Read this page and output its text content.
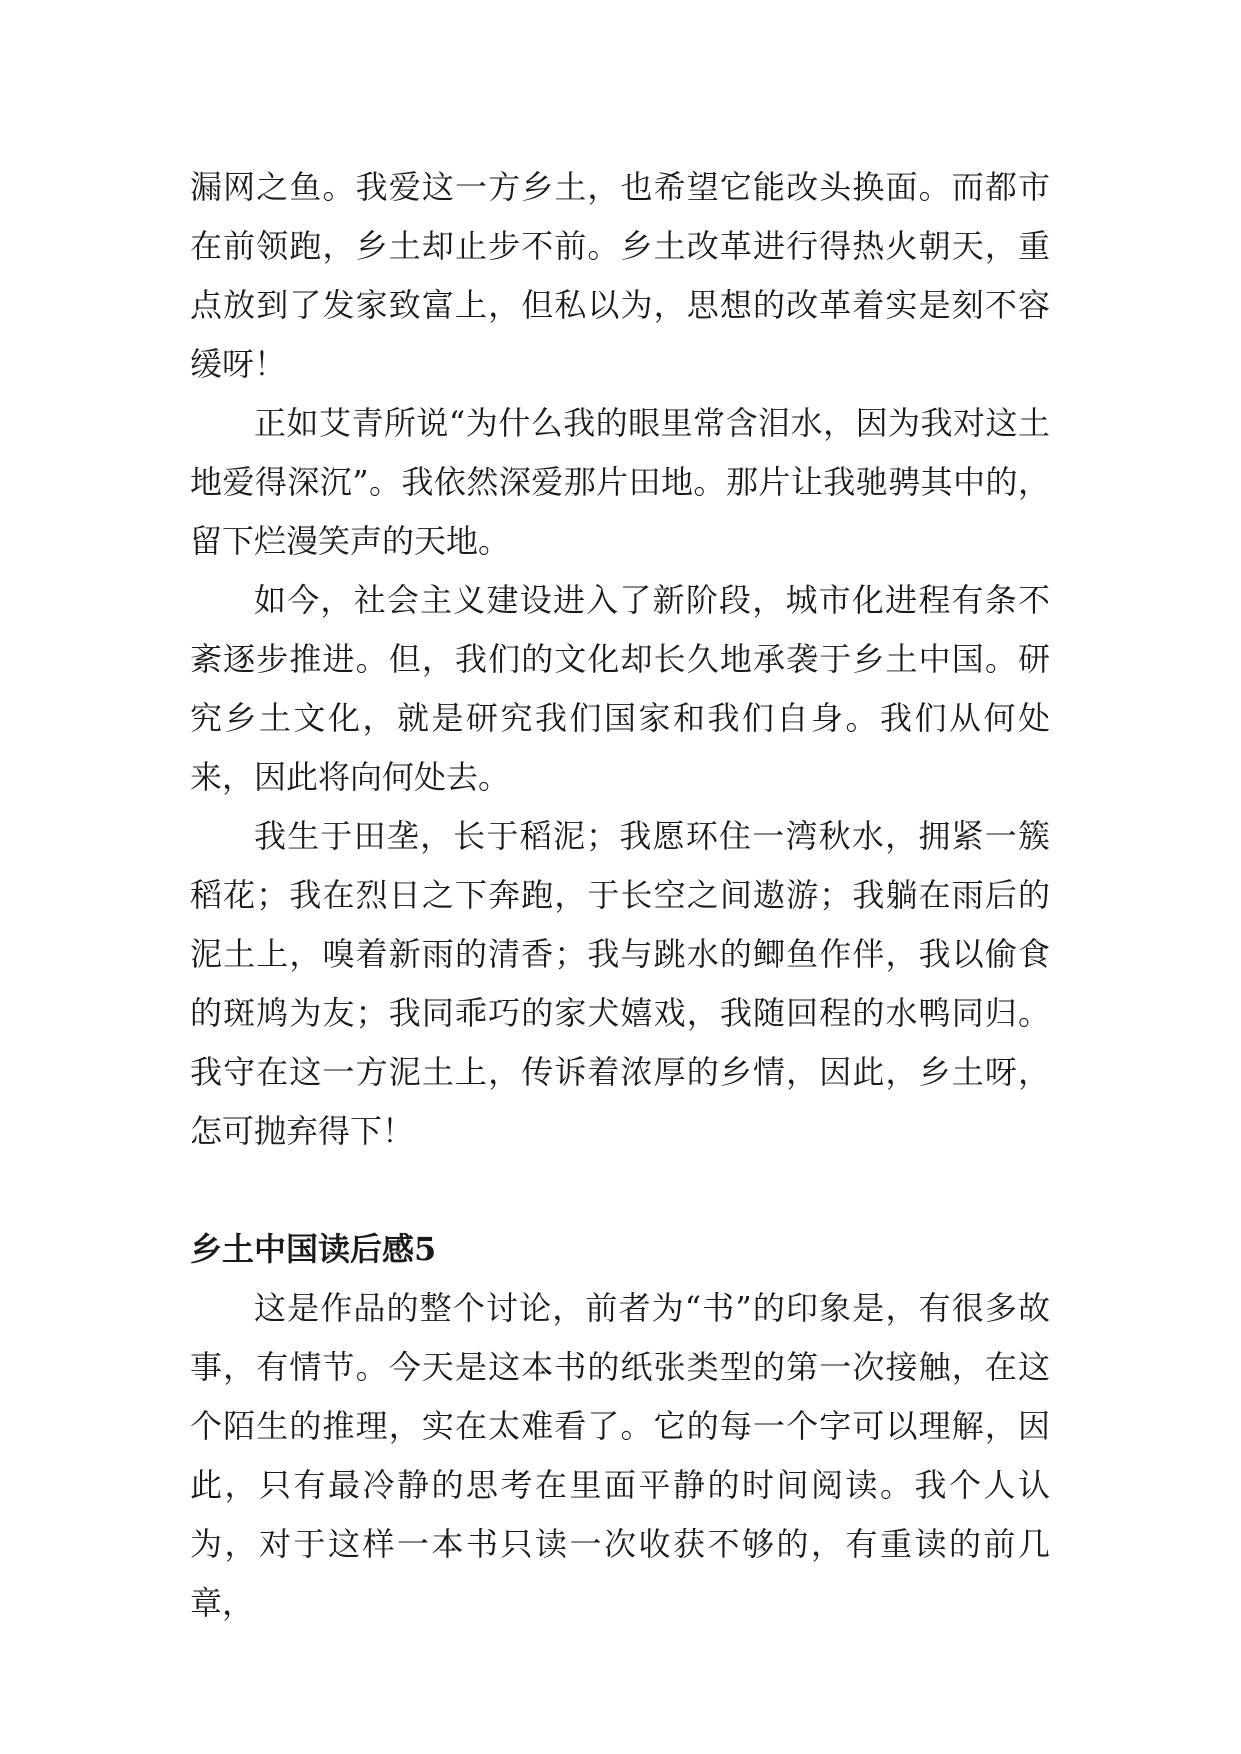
漏网之鱼。我爱这一方乡土，也希望它能改头换面。而都市在前领跑，乡土却止步不前。乡土改革进行得热火朝天，重点放到了发家致富上，但私以为，思想的改革着实是刻不容缓呀！

正如艾青所说“为什么我的眼里常含泪水，因为我对这土地爱得深沉”。我依然深爱那片田地。那片让我驰骋其中的，留下烂漫笑声的天地。

如今，社会主义建设进入了新阶段，城市化进程有条不紊逐步推进。但，我们的文化却长久地承袭于乡土中国。研究乡土文化，就是研究我们国家和我们自身。我们从何处来，因此将向何处去。

我生于田垄，长于稻泥；我愿环住一湾秋水，拥紧一簇稻花；我在烈日之下奔跑，于长空之间遨游；我躺在雨后的泥土上，嗅着新雨的清香；我与跳水的鲫鱼作伴，我以偷食的斑鸠为友；我同乖巧的家犬嬉戏，我随回程的水鸭同归。我守在这一方泥土上，传诉着浓厚的乡情，因此，乡土呀，怎可抛弃得下！

乡土中国读后感5

这是作品的整个讨论，前者为“书”的印象是，有很多故事，有情节。今天是这本书的纸张类型的第一次接触，在这个陌生的推理，实在太难看了。它的每一个字可以理解，因此，只有最冷静的思考在里面平静的时间阅读。我个人认为，对于这样一本书只读一次收获不够的，有重读的前几章，
